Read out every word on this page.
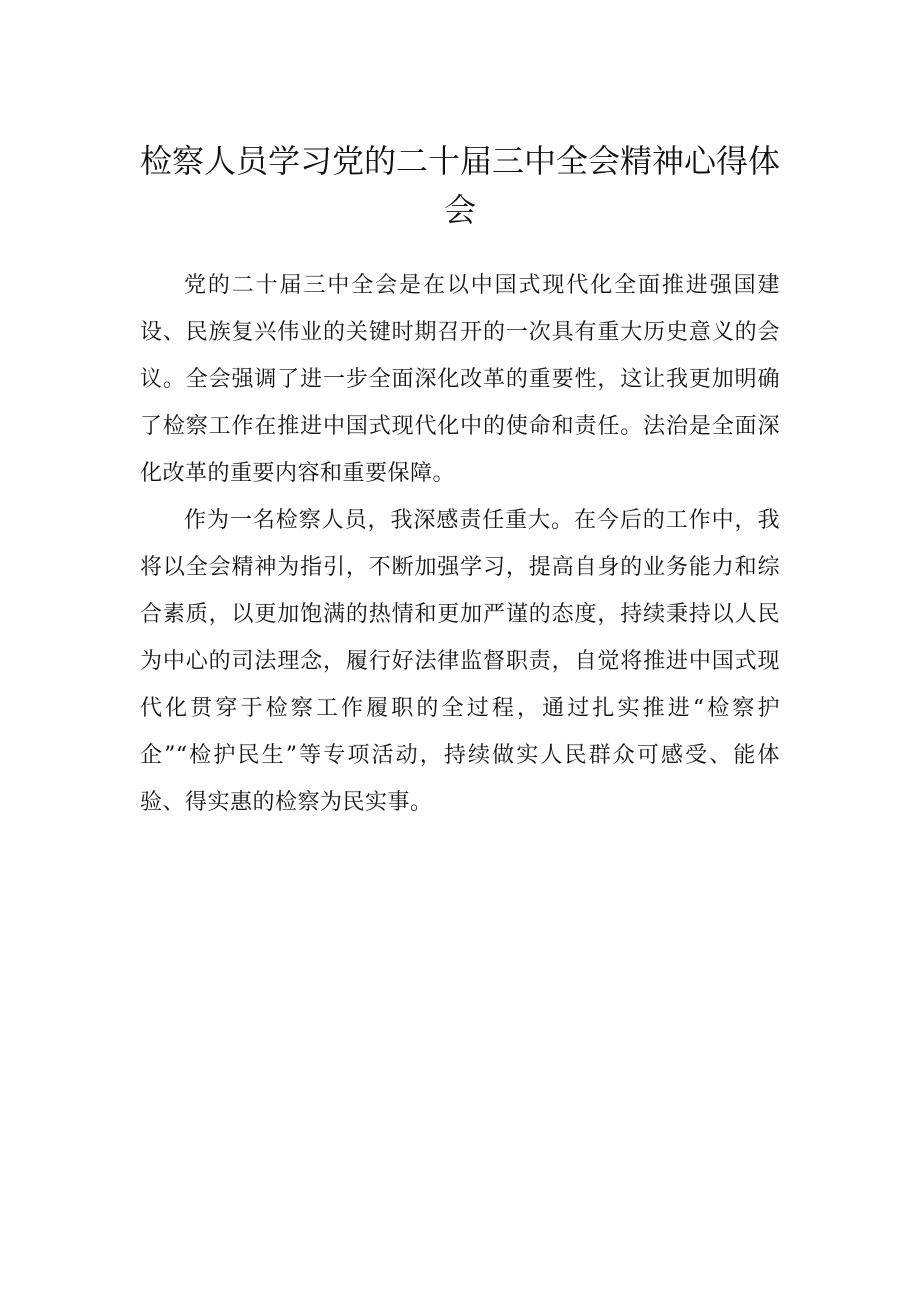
检察人员学习党的二十届三中全会精神心得体会

党的二十届三中全会是在以中国式现代化全面推进强国建设、民族复兴伟业的关键时期召开的一次具有重大历史意义的会议。全会强调了进一步全面深化改革的重要性，这让我更加明确了检察工作在推进中国式现代化中的使命和责任。法治是全面深化改革的重要内容和重要保障。

作为一名检察人员，我深感责任重大。在今后的工作中，我将以全会精神为指引，不断加强学习，提高自身的业务能力和综合素质，以更加饱满的热情和更加严谨的态度，持续秉持以人民为中心的司法理念，履行好法律监督职责，自觉将推进中国式现代化贯穿于检察工作履职的全过程，通过扎实推进“检察护企”“检护民生”等专项活动，持续做实人民群众可感受、能体验、得实惠的检察为民实事。
